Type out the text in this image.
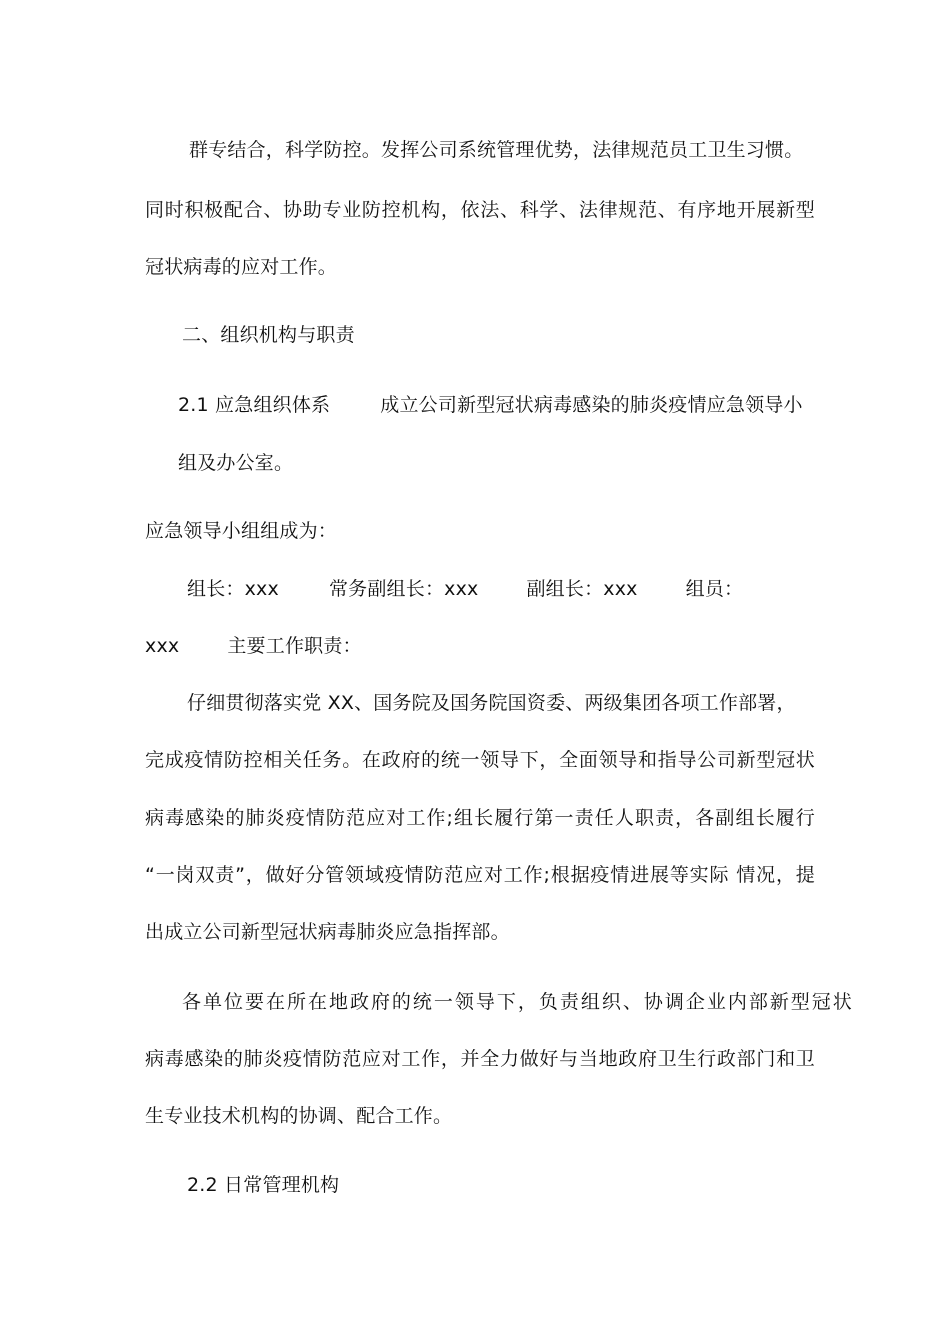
群专结合，科学防控。发挥公司系统管理优势，法律规范员工卫生习惯。
同时积极配合、协助专业防控机构，依法、科学、法律规范、有序地开展新型
冠状病毒的应对工作。
二、组织机构与职责
2.1 应急组织体系	成立公司新型冠状病毒感染的肺炎疫情应急领导小
组及办公室。
应急领导小组组成为：
组长：xxx	常务副组长：xxx	副组长：xxx	组员：
xxx	主要工作职责：
仔细贯彻落实党 XX、国务院及国务院国资委、两级集团各项工作部署，
完成疫情防控相关任务。在政府的统一领导下，全面领导和指导公司新型冠状
病毒感染的肺炎疫情防范应对工作;组长履行第一责任人职责，各副组长履行
“一岗双责”，做好分管领域疫情防范应对工作;根据疫情进展等实际 情况，提
出成立公司新型冠状病毒肺炎应急指挥部。
各单位要在所在地政府的统一领导下，负责组织、协调企业内部新型冠状
病毒感染的肺炎疫情防范应对工作，并全力做好与当地政府卫生行政部门和卫
生专业技术机构的协调、配合工作。
2.2 日常管理机构
